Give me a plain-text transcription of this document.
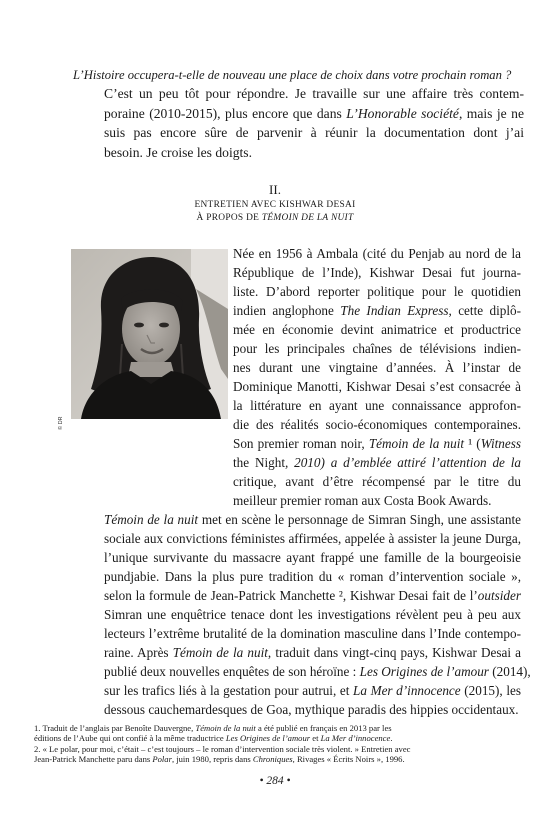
L’Histoire occupera-t-elle de nouveau une place de choix dans votre prochain roman ?
C’est un peu tôt pour répondre. Je travaille sur une affaire très contem-
poraine (2010-2015), plus encore que dans L’Honorable société, mais je ne
suis pas encore sûre de parvenir à réunir la documentation dont j’ai
besoin. Je croise les doigts.
II.
ENTRETIEN AVEC KISHWAR DESAI
À PROPOS DE TÉMOIN DE LA NUIT
© DR
Née en 1956 à Ambala (cité du Penjab au nord de la
République de l’Inde), Kishwar Desai fut journa-
liste. D’abord reporter politique pour le quotidien
indien anglophone The Indian Express, cette diplô-
mée en économie devint animatrice et productrice
pour les principales chaînes de télévisions indien-
nes durant une vingtaine d’années. À l’instar de
Dominique Manotti, Kishwar Desai s’est consacrée à
la littérature en ayant une connaissance approfon-
die des réalités socio-économiques contemporaines.
Son premier roman noir, Témoin de la nuit ¹ (Witness
the Night, 2010) a d’emblée attiré l’attention de la
critique, avant d’être récompensé par le titre du
meilleur premier roman aux Costa Book Awards.
Témoin de la nuit met en scène le personnage de Simran Singh, une assistante
sociale aux convictions féministes affirmées, appelée à assister la jeune Durga,
l’unique survivante du massacre ayant frappé une famille de la bourgeoisie
pundjabie. Dans la plus pure tradition du « roman d’intervention sociale »,
selon la formule de Jean-Patrick Manchette ², Kishwar Desai fait de l’outsider
Simran une enquêtrice tenace dont les investigations révèlent peu à peu aux
lecteurs l’extrême brutalité de la domination masculine dans l’Inde contempo-
raine. Après Témoin de la nuit, traduit dans vingt-cinq pays, Kishwar Desai a
publié deux nouvelles enquêtes de son héroïne : Les Origines de l’amour (2014),
sur les trafics liés à la gestation pour autrui, et La Mer d’innocence (2015), les
dessous cauchemardesques de Goa, mythique paradis des hippies occidentaux.
1. Traduit de l’anglais par Benoîte Dauvergne, Témoin de la nuit a été publié en français en 2013 par les
éditions de l’Aube qui ont confié à la même traductrice Les Origines de l’amour et La Mer d’innocence.
2. « Le polar, pour moi, c’était – c’est toujours – le roman d’intervention sociale très violent. » Entretien avec
Jean-Patrick Manchette paru dans Polar, juin 1980, repris dans Chroniques, Rivages « Écrits Noirs », 1996.
• 284 •
